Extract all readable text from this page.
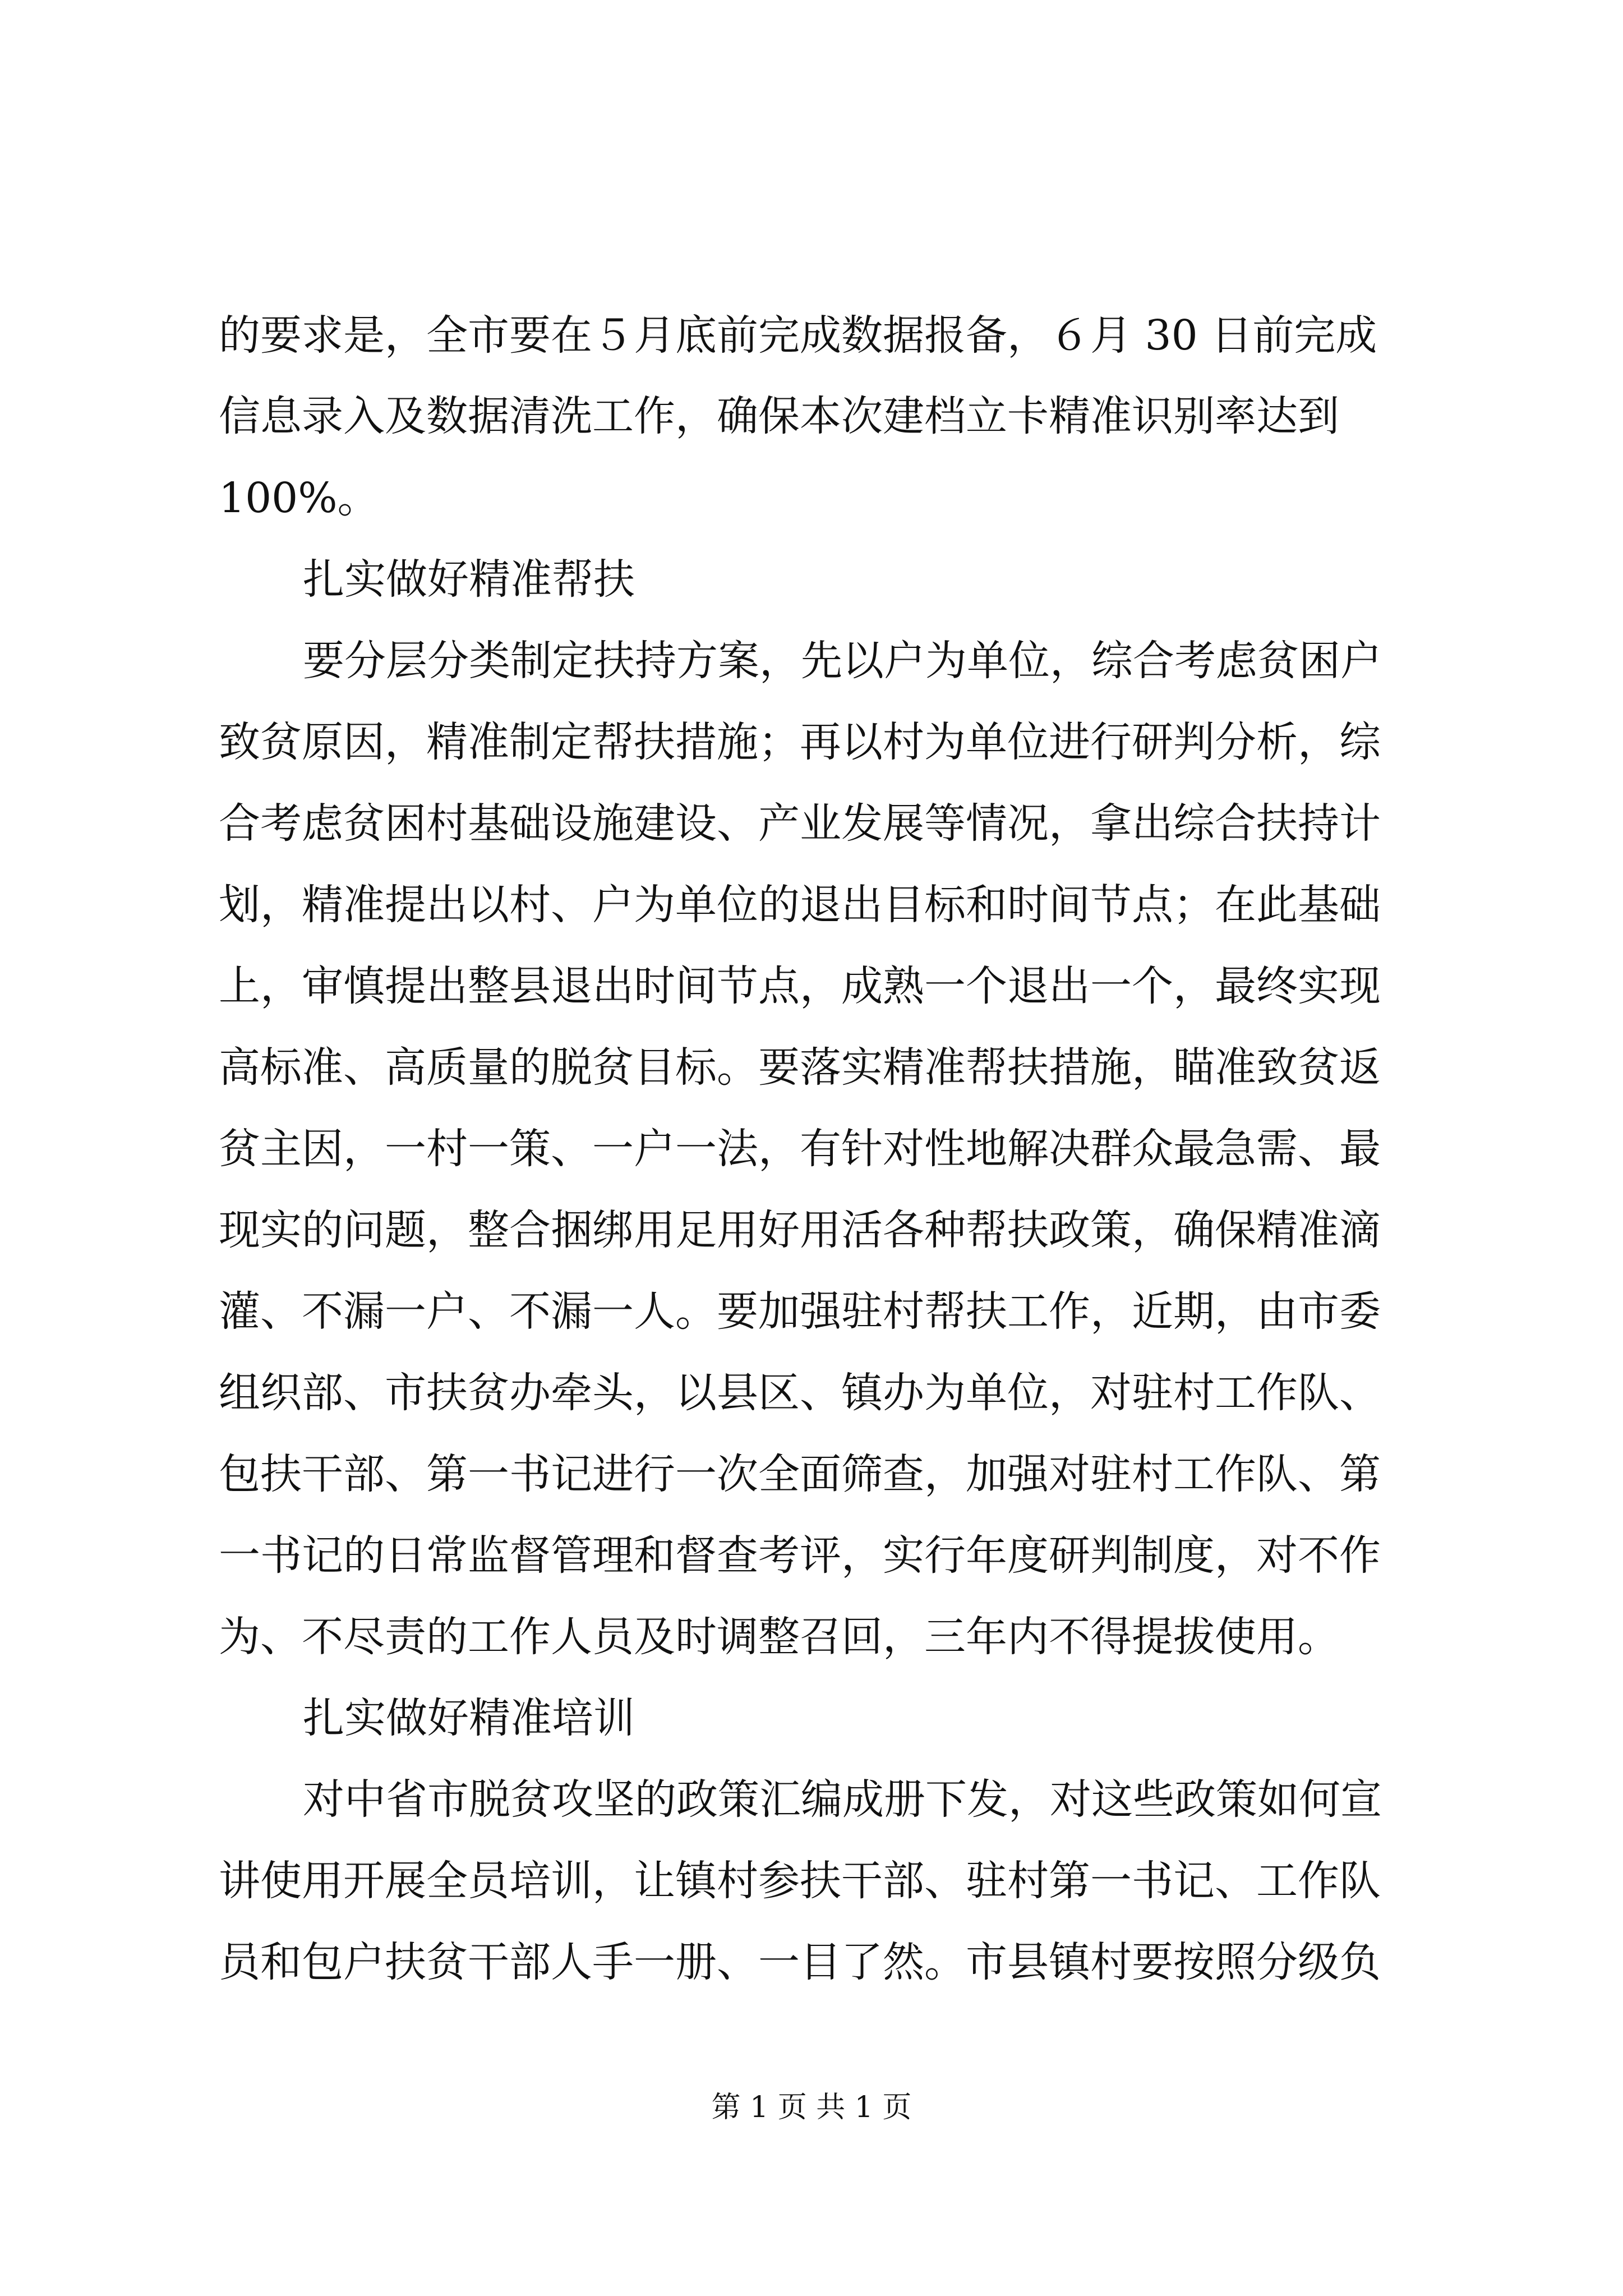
的要求是，全市要在５月底前完成数据报备，６月 30 日前完成

信息录入及数据清洗工作，确保本次建档立卡精准识别率达到

100%。

扎实做好精准帮扶

要分层分类制定扶持方案，先以户为单位，综合考虑贫困户

致贫原因，精准制定帮扶措施；再以村为单位进行研判分析，综

合考虑贫困村基础设施建设、产业发展等情况，拿出综合扶持计

划，精准提出以村、户为单位的退出目标和时间节点；在此基础

上，审慎提出整县退出时间节点，成熟一个退出一个，最终实现

高标准、高质量的脱贫目标。要落实精准帮扶措施，瞄准致贫返

贫主因，一村一策、一户一法，有针对性地解决群众最急需、最

现实的问题，整合捆绑用足用好用活各种帮扶政策，确保精准滴

灌、不漏一户、不漏一人。要加强驻村帮扶工作，近期，由市委

组织部、市扶贫办牵头，以县区、镇办为单位，对驻村工作队、

包扶干部、第一书记进行一次全面筛查，加强对驻村工作队、第

一书记的日常监督管理和督查考评，实行年度研判制度，对不作

为、不尽责的工作人员及时调整召回，三年内不得提拔使用。

扎实做好精准培训

对中省市脱贫攻坚的政策汇编成册下发，对这些政策如何宣

讲使用开展全员培训，让镇村参扶干部、驻村第一书记、工作队

员和包户扶贫干部人手一册、一目了然。市县镇村要按照分级负

第 1 页 共 1 页
